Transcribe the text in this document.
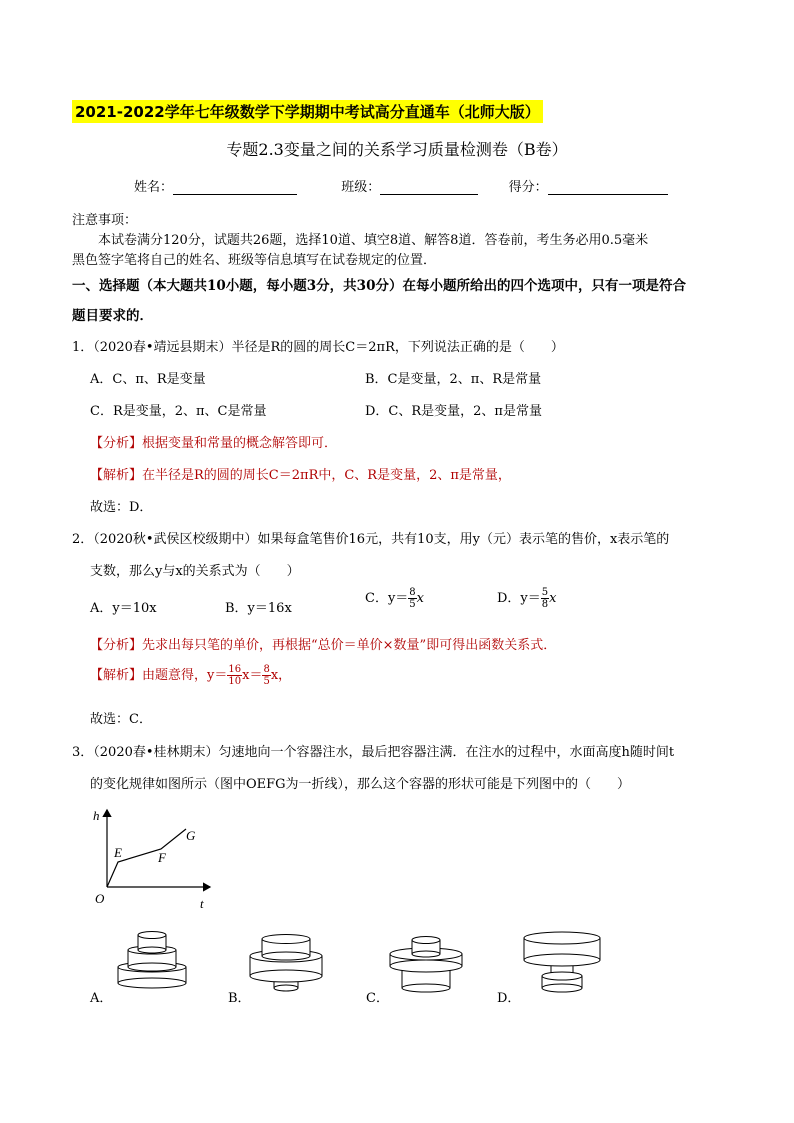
2021-2022学年七年级数学下学期期中考试高分直通车（北师大版）
专题2.3变量之间的关系学习质量检测卷（B卷）
姓名：	班级：	得分：
注意事项：
本试卷满分120分，试题共26题，选择10道、填空8道、解答8道．答卷前，考生务必用0.5毫米
黑色签字笔将自己的姓名、班级等信息填写在试卷规定的位置．
一、选择题（本大题共10小题，每小题3分，共30分）在每小题所给出的四个选项中，只有一项是符合
题目要求的．
1．（2020春•靖远县期末）半径是R的圆的周长C＝2πR，下列说法正确的是（　　）
A．C、π、R是变量	B．C是变量，2、π、R是常量
C．R是变量，2、π、C是常量	D．C、R是变量，2、π是常量
【分析】根据变量和常量的概念解答即可．
【解析】在半径是R的圆的周长C＝2πR中，C、R是变量，2、π是常量，
故选：D．
2．（2020秋•武侯区校级期中）如果每盒笔售价16元，共有10支，用y（元）表示笔的售价，x表示笔的
支数，那么y与x的关系式为（　　）
A．y＝10x	B．y＝16x
C．$y= \frac{8}{5}$ x	D．$y= \frac{5}{8}$ x
【分析】先求出每只笔的单价，再根据“总价＝单价×数量”即可得出函数关系式．
【解析】由题意得，$y= \frac{16}{10} x= \frac{8}{5}$ x，
故选：C．
3．（2020春•桂林期末）匀速地向一个容器注水，最后把容器注满．在注水的过程中，水面高度h随时间t
的变化规律如图所示（图中OEFG为一折线），那么这个容器的形状可能是下列图中的（　　）
h
t
O
E	F
G
A．	B．	C．	D．
